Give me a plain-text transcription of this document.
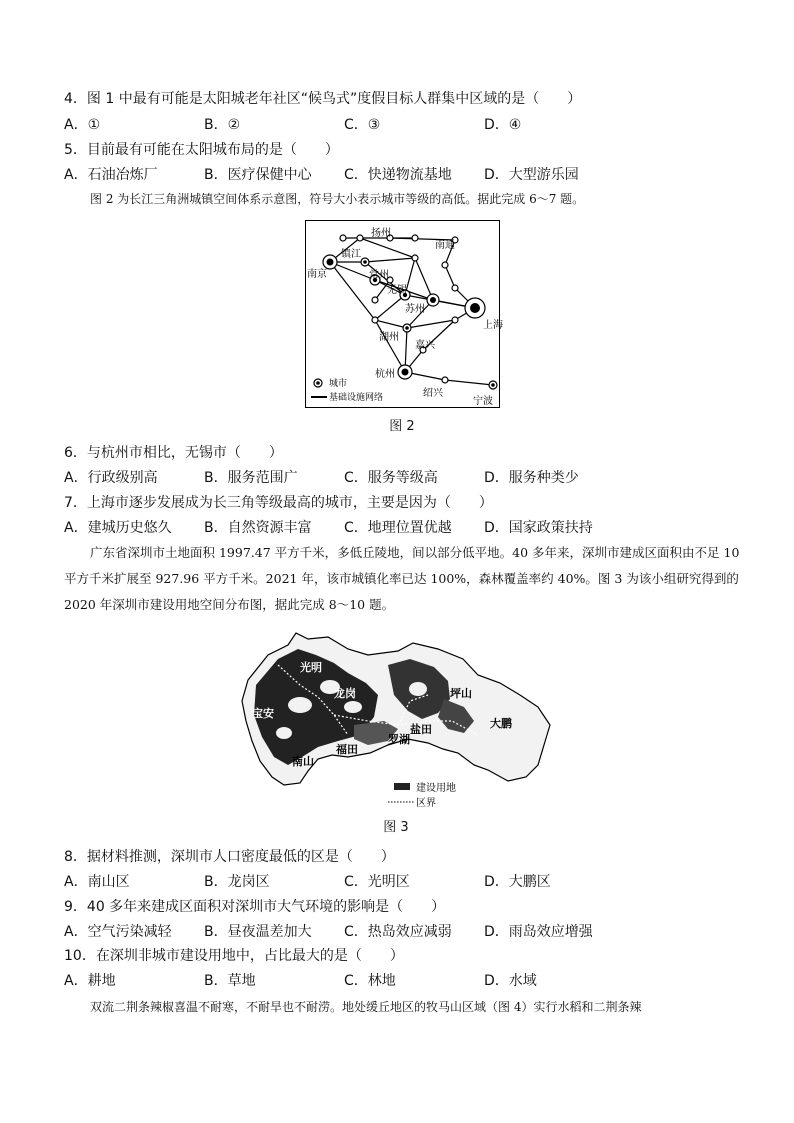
4．图 1 中最有可能是太阳城老年社区“候鸟式”度假目标人群集中区域的是（　　）
A．①	B．②	C．③	D．④
5．目前最有可能在太阳城布局的是（　　）
A．石油冶炼厂	B．医疗保健中心 C．快递物流基地 D．大型游乐园
图 2 为长江三角洲城镇空间体系示意图，符号大小表示城市等级的高低。据此完成 6～7 题。
扬州
南通
镇江
南京	常州
无锡
苏州
上海
湖州
嘉兴
杭州
绍兴
宁波
城市
基础设施网络
图 2
6．与杭州市相比，无锡市（　　）
A．行政级别高	B．服务范围广	C．服务等级高	D．服务种类少
7．上海市逐步发展成为长三角等级最高的城市，主要是因为（　　）
A．建城历史悠久 B．自然资源丰富 C．地理位置优越 D．国家政策扶持
广东省深圳市土地面积 1997.47 平方千米，多低丘陵地，间以部分低平地。40 多年来，深圳市建成区面积由不足 10 平方千米扩展至 927.96 平方千米。2021 年，该市城镇化率已达 100%，森林覆盖率约 40%。图 3 为该小组研究得到的 2020 年深圳市建设用地空间分布图，据此完成 8～10 题。
光明
龙岗	坪山
大鹏
盐田
罗湖
福田
南山
宝安
建设用地
区界
图 3
8．据材料推测，深圳市人口密度最低的区是（　　）
A．南山区	B．龙岗区	C．光明区	D．大鹏区
9．40 多年来建成区面积对深圳市大气环境的影响是（　　）
A．空气污染减轻 B．昼夜温差加大 C．热岛效应减弱 D．雨岛效应增强
10．在深圳非城市建设用地中，占比最大的是（　　）
A．耕地	B．草地	C．林地	D．水域
双流二荆条辣椒喜温不耐寒，不耐旱也不耐涝。地处缓丘地区的牧马山区域（图 4）实行水稻和二荆条辣
